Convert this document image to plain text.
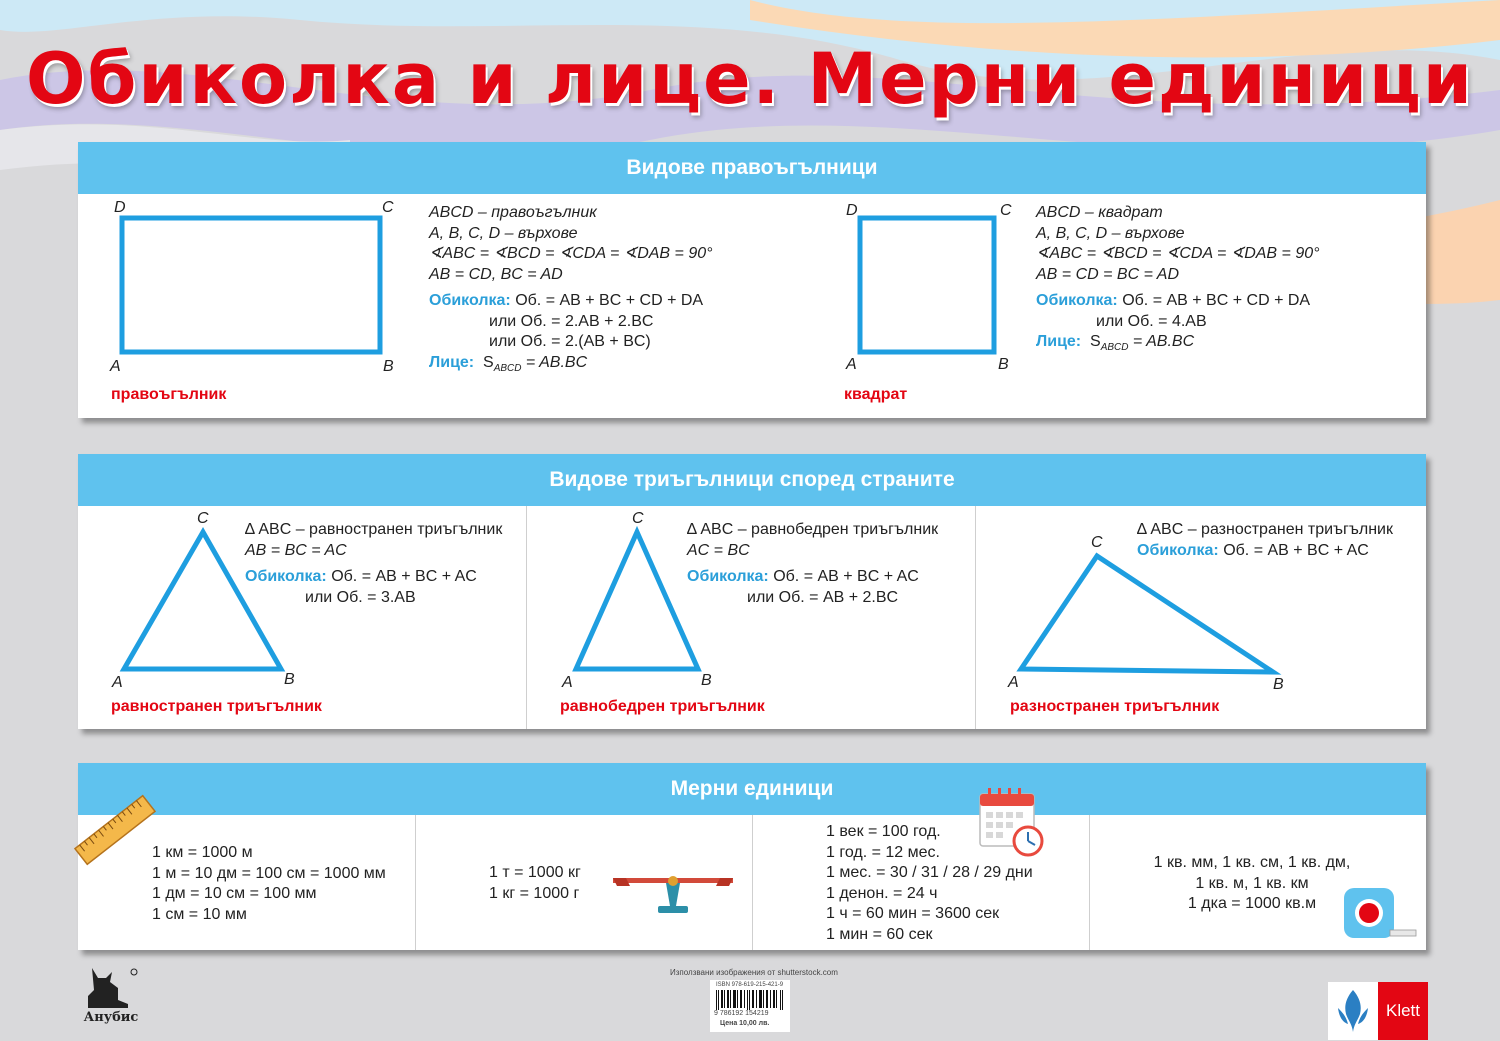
Обиколка и лице. Мерни единици
Видове правоъгълници
D	C
A	B
правоъгълник
ABCD – правоъгълник
A, B, C, D – върхове
∢ABC = ∢BCD = ∢CDA = ∢DAB = 90°
AB = CD, BC = AD
Обиколка: Об. = AB + BC + CD + DA
или Об. = 2.AB + 2.BC
или Об. = 2.(AB + BC)
Лице: $S_{ABCD} = AB.BC$
D	C
A	B
квадрат
ABCD – квадрат
A, B, C, D – върхове
∢ABC = ∢BCD = ∢CDA = ∢DAB = 90°
AB = CD = BC = AD
Обиколка: Об. = AB + BC + CD + DA
или Об. = 4.AB
Лице: $S_{ABCD} = AB.BC$
Видове триъгълници според страните
C
A	B
равностранен триъгълник
∆ ABC – равностранен триъгълник
AB = BC = AC
Обиколка: Об. = AB + BC + AC
или Об. = 3.AB
C
A	B
равнобедрен триъгълник
∆ ABC – равнобедрен триъгълник
AC = BC
Обиколка: Об. = AB + BC + AC
или Об. = AB + 2.BC
C
A	B
разностранен триъгълник
∆ ABC – разностранен триъгълник
Обиколка: Об. = AB + BC + AC
Мерни единици
1 км = 1000 м
1 м = 10 дм = 100 см = 1000 мм
1 дм = 10 см = 100 мм
1 см = 10 мм
1 т = 1000 кг
1 кг = 1000 г
1 век = 100 год.
1 год. = 12 мес.
1 мес. = 30 / 31 / 28 / 29 дни
1 денон. = 24 ч
1 ч = 60 мин = 3600 сек
1 мин = 60 сек
1 кв. мм, 1 кв. см, 1 кв. дм,
1 кв. м, 1 кв. км
1 дка = 1000 кв.м
Анубис
Използвани изображения от shutterstock.com
ISBN 978-619-215-421-9
9 786192 154219
Цена 10,00 лв.
Klett
